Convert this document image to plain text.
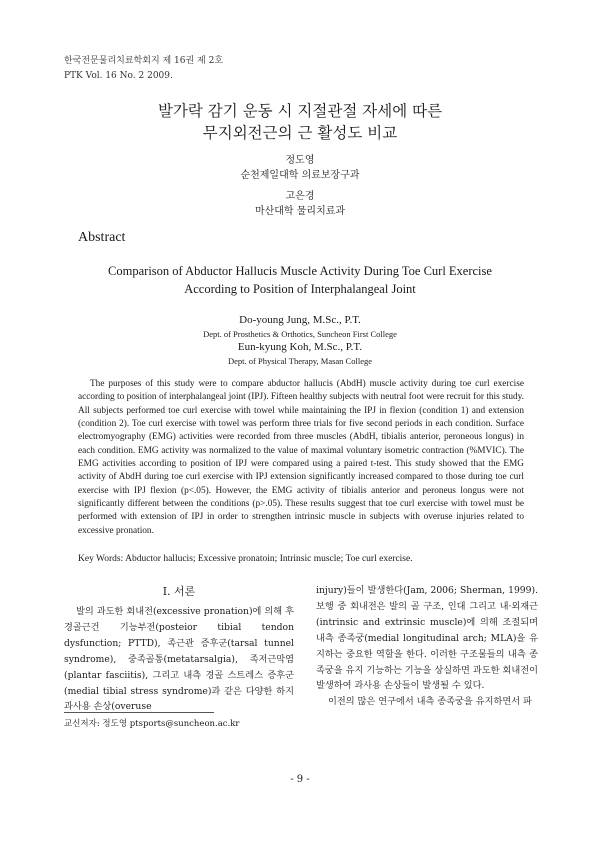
한국전문물리치료학회지 제 16권 제 2호
PTK Vol. 16 No. 2 2009.
발가락 감기 운동 시 지절관절 자세에 따른
무지외전근의 근 활성도 비교
정도영
순천제일대학 의료보장구과
고은경
마산대학 물리치료과
Abstract
Comparison of Abductor Hallucis Muscle Activity During Toe Curl Exercise
According to Position of Interphalangeal Joint
Do-young Jung, M.Sc., P.T.
Dept. of Prosthetics & Orthotics, Suncheon First College
Eun-kyung Koh, M.Sc., P.T.
Dept. of Physical Therapy, Masan College
The purposes of this study were to compare abductor hallucis (AbdH) muscle activity during toe curl exercise according to position of interphalangeal joint (IPJ). Fifteen healthy subjects with neutral foot were recruit for this study. All subjects performed toe curl exercise with towel while maintaining the IPJ in flexion (condition 1) and extension (condition 2). Toe curl exercise with towel was perform three trials for five second periods in each condition. Surface electromyography (EMG) activities were recorded from three muscles (AbdH, tibialis anterior, peroneous longus) in each condition. EMG activity was normalized to the value of maximal voluntary isometric contraction (%MVIC). The EMG activities according to position of IPJ were compared using a paired t-test. This study showed that the EMG activity of AbdH during toe curl exercise with IPJ extension significantly increased compared to those during toe curl exercise with IPJ flexion (p<.05). However, the EMG activity of tibialis anterior and peroneus longus were not significantly different between the conditions (p>.05). These results suggest that toe curl exercise with towel must be performed with extension of IPJ in order to strengthen intrinsic muscle in subjects with overuse injuries related to excessive pronation.
Key Words: Abductor hallucis; Excessive pronatoin; Intrinsic muscle; Toe curl exercise.
Ⅰ. 서론
발의 과도한 회내전(excessive pronation)에 의해 후경골근건 기능부전(posteior tibial tendon dysfunction; PTTD), 족근관 증후군(tarsal tunnel syndrome), 중족골통(metatarsalgia), 족저근막염(plantar fasciitis), 그리고 내측 경골 스트레스 증후군(medial tibial stress syndrome)과 같은 다양한 하지 과사용 손상(overuse

injury)들이 발생한다(Jam, 2006; Sherman, 1999). 보행 중 회내전은 발의 골 구조, 인대 그리고 내·외재근(intrinsic and extrinsic muscle)에 의해 조절되며 내측 종족궁(medial longitudinal arch; MLA)을 유지하는 중요한 역할을 한다. 이러한 구조물들의 내측 종족궁을 유지 기능하는 기능을 상실하면 과도한 회내전이 발생하여 과사용 손상들이 발생될 수 있다.

이전의 많은 연구에서 내측 종족궁을 유지하면서 파

교신저자: 정도영 ptsports@suncheon.ac.kr
- 9 -
